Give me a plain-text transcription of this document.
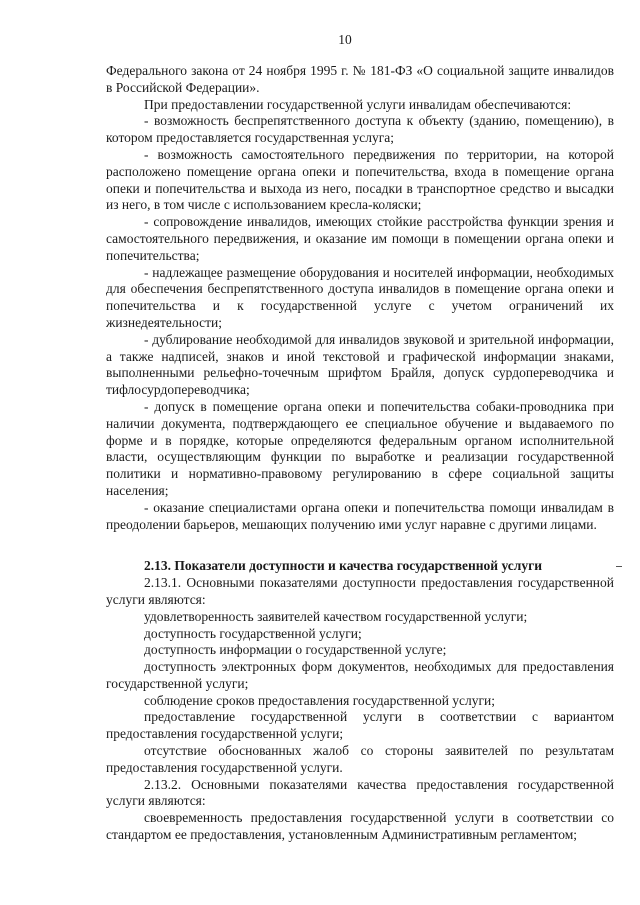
10

Федерального закона от 24 ноября 1995 г. № 181-ФЗ «О социальной защите инвалидов в Российской Федерации».

При предоставлении государственной услуги инвалидам обеспечиваются:

- возможность беспрепятственного доступа к объекту (зданию, помещению), в котором предоставляется государственная услуга;

- возможность самостоятельного передвижения по территории, на которой расположено помещение органа опеки и попечительства, входа в помещение органа опеки и попечительства и выхода из него, посадки в транспортное средство и высадки из него, в том числе с использованием кресла-коляски;

- сопровождение инвалидов, имеющих стойкие расстройства функции зрения и самостоятельного передвижения, и оказание им помощи в помещении органа опеки и попечительства;

- надлежащее размещение оборудования и носителей информации, необходимых для обеспечения беспрепятственного доступа инвалидов в помещение органа опеки и попечительства и к государственной услуге с учетом ограничений их жизнедеятельности;

- дублирование необходимой для инвалидов звуковой и зрительной информации, а также надписей, знаков и иной текстовой и графической информации знаками, выполненными рельефно-точечным шрифтом Брайля, допуск сурдопереводчика и тифлосурдопереводчика;

- допуск в помещение органа опеки и попечительства собаки-проводника при наличии документа, подтверждающего ее специальное обучение и выдаваемого по форме и в порядке, которые определяются федеральным органом исполнительной власти, осуществляющим функции по выработке и реализации государственной политики и нормативно-правовому регулированию в сфере социальной защиты населения;

- оказание специалистами органа опеки и попечительства помощи инвалидам в преодолении барьеров, мешающих получению ими услуг наравне с другими лицами.

2.13. Показатели доступности и качества государственной услуги

2.13.1. Основными показателями доступности предоставления государственной услуги являются:

удовлетворенность заявителей качеством государственной услуги;

доступность государственной услуги;

доступность информации о государственной услуге;

доступность электронных форм документов, необходимых для предоставления государственной услуги;

соблюдение сроков предоставления государственной услуги;

предоставление государственной услуги в соответствии с вариантом предоставления государственной услуги;

отсутствие обоснованных жалоб со стороны заявителей по результатам предоставления государственной услуги.

2.13.2. Основными показателями качества предоставления государственной услуги являются:

своевременность предоставления государственной услуги в соответствии со стандартом ее предоставления, установленным Административным регламентом;
